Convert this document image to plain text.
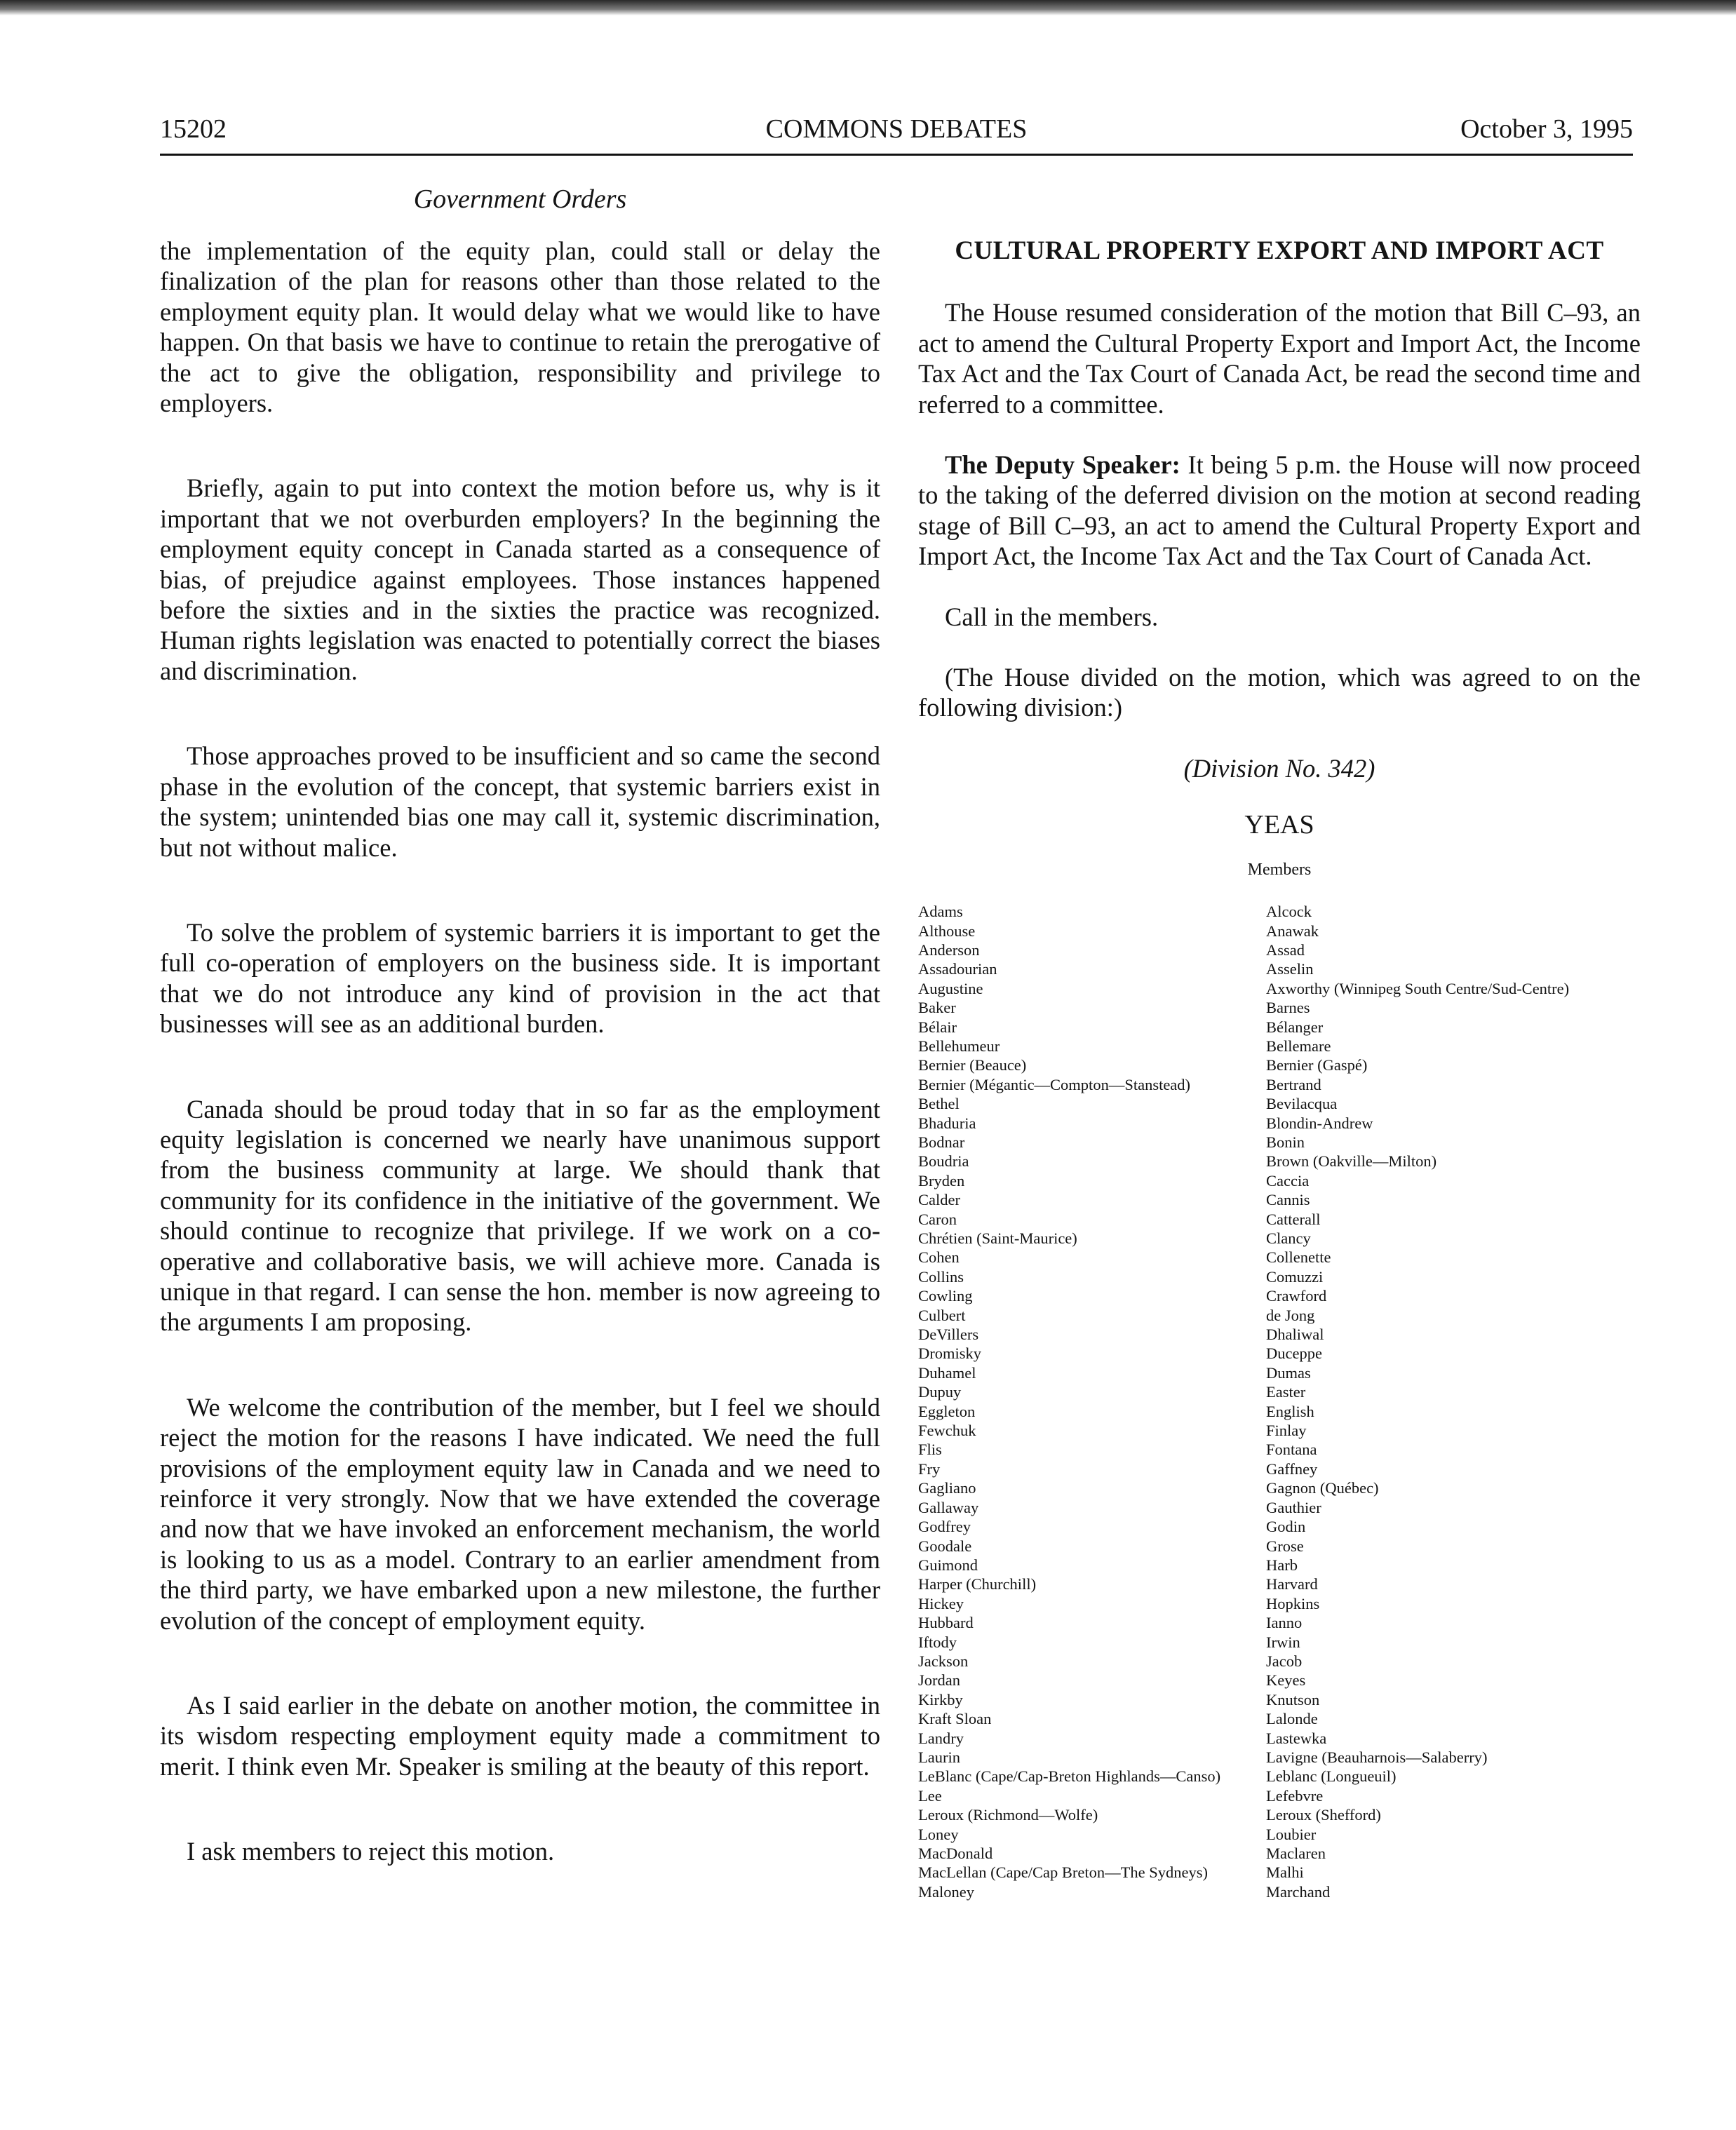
15202	COMMONS DEBATES	October 3, 1995
Government Orders

the implementation of the equity plan, could stall or delay the finalization of the plan for reasons other than those related to the employment equity plan. It would delay what we would like to have happen. On that basis we have to continue to retain the prerogative of the act to give the obligation, responsibility and privilege to employers.

Briefly, again to put into context the motion before us, why is it important that we not overburden employers? In the beginning the employment equity concept in Canada started as a consequence of bias, of prejudice against employees. Those instances happened before the sixties and in the sixties the practice was recognized. Human rights legislation was enacted to potentially correct the biases and discrimination.

Those approaches proved to be insufficient and so came the second phase in the evolution of the concept, that systemic barriers exist in the system; unintended bias one may call it, systemic discrimination, but not without malice.

To solve the problem of systemic barriers it is important to get the full co-operation of employers on the business side. It is important that we do not introduce any kind of provision in the act that businesses will see as an additional burden.

Canada should be proud today that in so far as the employment equity legislation is concerned we nearly have unanimous support from the business community at large. We should thank that community for its confidence in the initiative of the government. We should continue to recognize that privilege. If we work on a co-operative and collaborative basis, we will achieve more. Canada is unique in that regard. I can sense the hon. member is now agreeing to the arguments I am proposing.

We welcome the contribution of the member, but I feel we should reject the motion for the reasons I have indicated. We need the full provisions of the employment equity law in Canada and we need to reinforce it very strongly. Now that we have extended the coverage and now that we have invoked an enforcement mechanism, the world is looking to us as a model. Contrary to an earlier amendment from the third party, we have embarked upon a new milestone, the further evolution of the concept of employment equity.

As I said earlier in the debate on another motion, the committee in its wisdom respecting employment equity made a commitment to merit. I think even Mr. Speaker is smiling at the beauty of this report.

I ask members to reject this motion.

CULTURAL PROPERTY EXPORT AND IMPORT ACT

The House resumed consideration of the motion that Bill C–93, an act to amend the Cultural Property Export and Import Act, the Income Tax Act and the Tax Court of Canada Act, be read the second time and referred to a committee.

The Deputy Speaker: It being 5 p.m. the House will now proceed to the taking of the deferred division on the motion at second reading stage of Bill C–93, an act to amend the Cultural Property Export and Import Act, the Income Tax Act and the Tax Court of Canada Act.

Call in the members.

(The House divided on the motion, which was agreed to on the following division:)

(Division No. 342)
YEAS
Members
Adams
Althouse
Anderson
Assadourian
Augustine
Baker
Bélair
Bellehumeur
Bernier (Beauce)
Bernier (Mégantic—Compton—Stanstead)
Bethel
Bhaduria
Bodnar
Boudria
Bryden
Calder
Caron
Chrétien (Saint-Maurice)
Cohen
Collins
Cowling
Culbert
DeVillers
Dromisky
Duhamel
Dupuy
Eggleton
Fewchuk
Flis
Fry
Gagliano
Gallaway
Godfrey
Goodale
Guimond
Harper (Churchill)
Hickey
Hubbard
Iftody
Jackson
Jordan
Kirkby
Kraft Sloan
Landry
Laurin
LeBlanc (Cape/Cap-Breton Highlands—Canso)
Lee
Leroux (Richmond—Wolfe)
Loney
MacDonald
MacLellan (Cape/Cap Breton—The Sydneys)
Maloney
Alcock
Anawak
Assad
Asselin
Axworthy (Winnipeg South Centre/Sud-Centre)
Barnes
Bélanger
Bellemare
Bernier (Gaspé)
Bertrand
Bevilacqua
Blondin-Andrew
Bonin
Brown (Oakville—Milton)
Caccia
Cannis
Catterall
Clancy
Collenette
Comuzzi
Crawford
de Jong
Dhaliwal
Duceppe
Dumas
Easter
English
Finlay
Fontana
Gaffney
Gagnon (Québec)
Gauthier
Godin
Grose
Harb
Harvard
Hopkins
Ianno
Irwin
Jacob
Keyes
Knutson
Lalonde
Lastewka
Lavigne (Beauharnois—Salaberry)
Leblanc (Longueuil)
Lefebvre
Leroux (Shefford)
Loubier
Maclaren
Malhi
Marchand
